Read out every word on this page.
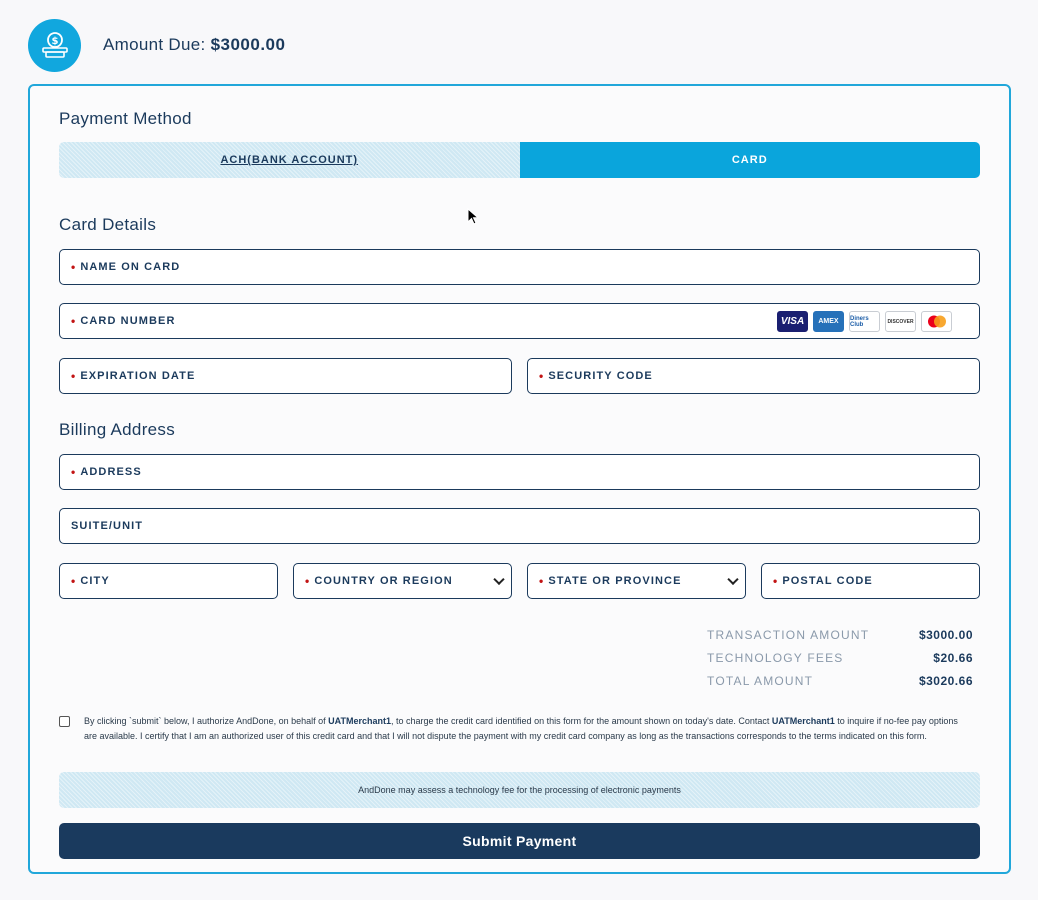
$	Amount Due: $3000.00
Payment Method
ACH(BANK ACCOUNT)	CARD
Card Details
• NAME ON CARD
• CARD NUMBER	VISA	AMEX	Diners Club	DISCOVER
• EXPIRATION DATE	• SECURITY CODE
Billing Address
• ADDRESS
SUITE/UNIT
• CITY	• COUNTRY OR REGION	• STATE OR PROVINCE	• POSTAL CODE
TRANSACTION AMOUNT	$3000.00
TECHNOLOGY FEES	$20.66
TOTAL AMOUNT	$3020.66
By clicking `submit` below, I authorize AndDone, on behalf of UATMerchant1, to charge the credit card identified on this form for the amount shown on today's date. Contact UATMerchant1 to inquire if no-fee pay options are available. I certify that I am an authorized user of this credit card and that I will not dispute the payment with my credit card company as long as the transactions corresponds to the terms indicated on this form.
AndDone may assess a technology fee for the processing of electronic payments
Submit Payment
